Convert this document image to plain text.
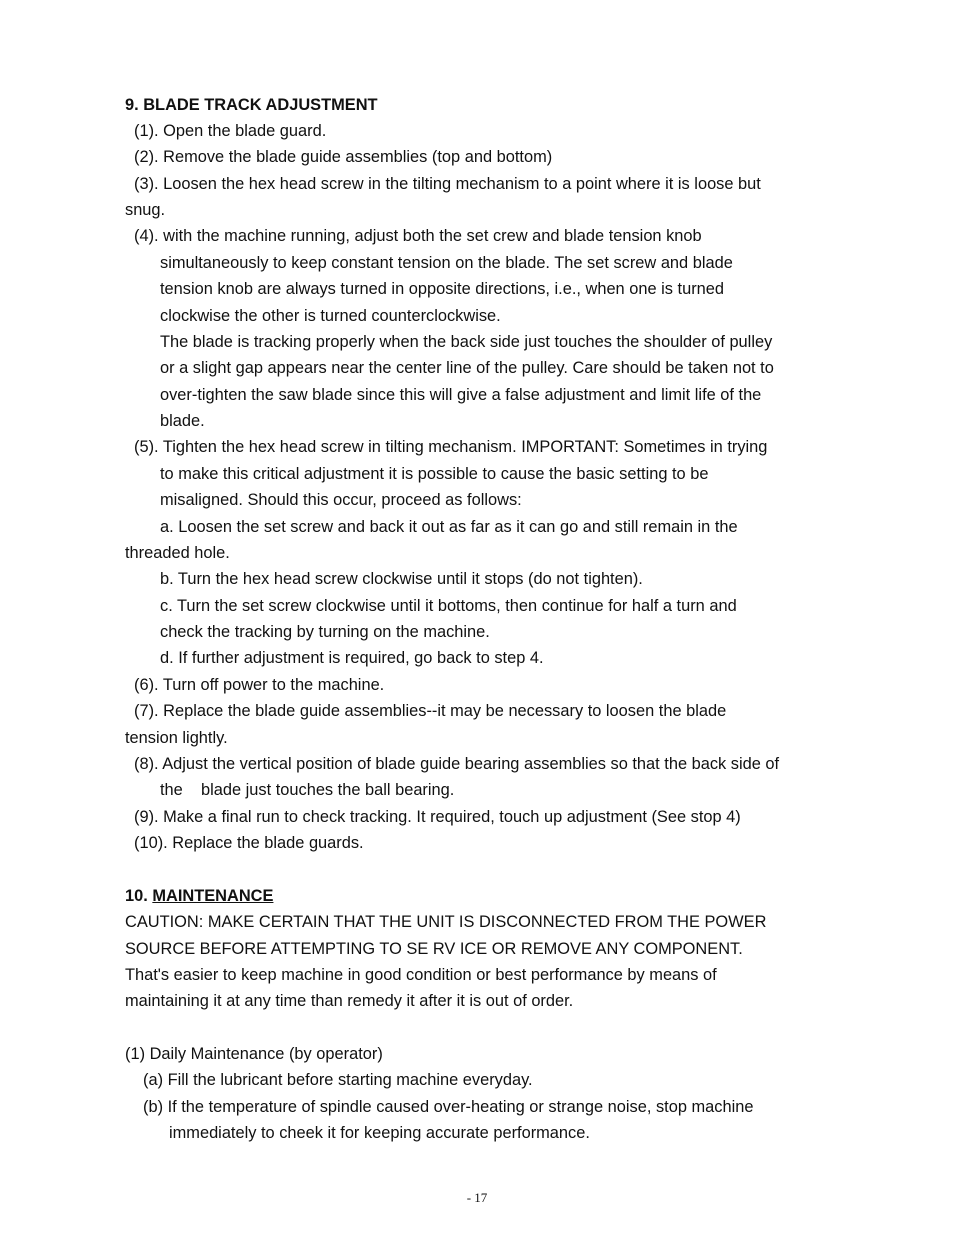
9. BLADE TRACK ADJUSTMENT
(1). Open the blade guard.
(2). Remove the blade guide assemblies (top and bottom)
(3). Loosen the hex head screw in the tilting mechanism to a point where it is loose but
snug.
(4). with the machine running, adjust both the set crew and blade tension knob
simultaneously to keep constant tension on the blade. The set screw and blade
tension knob are always turned in opposite directions, i.e., when one is turned
clockwise the other is turned counterclockwise.
The blade is tracking properly when the back side just touches the shoulder of pulley
or a slight gap appears near the center line of the pulley. Care should be taken not to
over-tighten the saw blade since this will give a false adjustment and limit life of the
blade.
(5). Tighten the hex head screw in tilting mechanism. IMPORTANT: Sometimes in trying
to make this critical adjustment it is possible to cause the basic setting to be
misaligned. Should this occur, proceed as follows:
a. Loosen the set screw and back it out as far as it can go and still remain in the
threaded hole.
b. Turn the hex head screw clockwise until it stops (do not tighten).
c. Turn the set screw clockwise until it bottoms, then continue for half a turn and
check the tracking by turning on the machine.
d. If further adjustment is required, go back to step 4.
(6). Turn off power to the machine.
(7). Replace the blade guide assemblies--it may be necessary to loosen the blade
tension lightly.
(8). Adjust the vertical position of blade guide bearing assemblies so that the back side of
the    blade just touches the ball bearing.
(9). Make a final run to check tracking. It required, touch up adjustment (See stop 4)
(10). Replace the blade guards.
10. MAINTENANCE
CAUTION: MAKE CERTAIN THAT THE UNIT IS DISCONNECTED FROM THE POWER
SOURCE BEFORE ATTEMPTING TO SE RV ICE OR REMOVE ANY COMPONENT.
That's easier to keep machine in good condition or best performance by means of
maintaining it at any time than remedy it after it is out of order.
(1) Daily Maintenance (by operator)
(a) Fill the lubricant before starting machine everyday.
(b) If the temperature of spindle caused over-heating or strange noise, stop machine
immediately to cheek it for keeping accurate performance.
- 17
